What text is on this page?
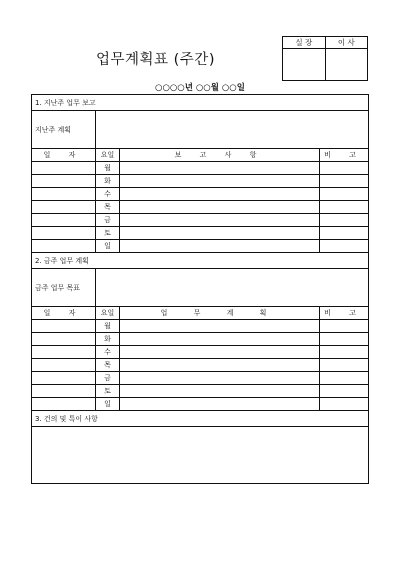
업무계획표 (주간)
실 장	이 사

○○○○년 ○○월 ○○일
1. 지난주 업무 보고			
지난주 계획			
일 자	요일	보 고 사 항	비 고
	월		
	화		
	수		
	목		
	금		
	토		
	일		
2. 금주 업무 계획			
금주 업무 목표			
일 자	요일	업 무 계 획	비 고
	월		
	화		
	수		
	목		
	금		
	토		
	일		
3. 건의 및 특이 사항			
